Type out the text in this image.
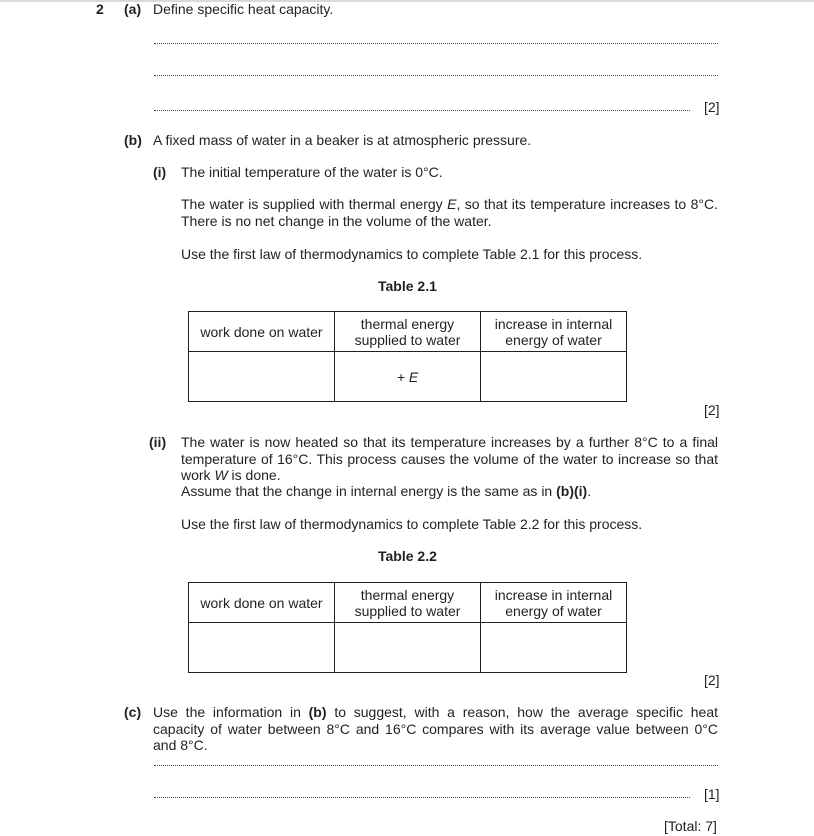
2 (a) Define specific heat capacity.
[2]
(b) A fixed mass of water in a beaker is at atmospheric pressure.
(i) The initial temperature of the water is 0°C.
The water is supplied with thermal energy E, so that its temperature increases to 8°C. There is no net change in the volume of the water.
Use the first law of thermodynamics to complete Table 2.1 for this process.
Table 2.1
work done on water	thermal energy supplied to water	increase in internal energy of water
	+ E	
[2]
(ii) The water is now heated so that its temperature increases by a further 8°C to a final temperature of 16°C. This process causes the volume of the water to increase so that work W is done.
Assume that the change in internal energy is the same as in (b)(i).
Use the first law of thermodynamics to complete Table 2.2 for this process.
Table 2.2
work done on water	thermal energy supplied to water	increase in internal energy of water

[2]
(c) Use the information in (b) to suggest, with a reason, how the average specific heat capacity of water between 8°C and 16°C compares with its average value between 0°C and 8°C.
[1]
[Total: 7]
